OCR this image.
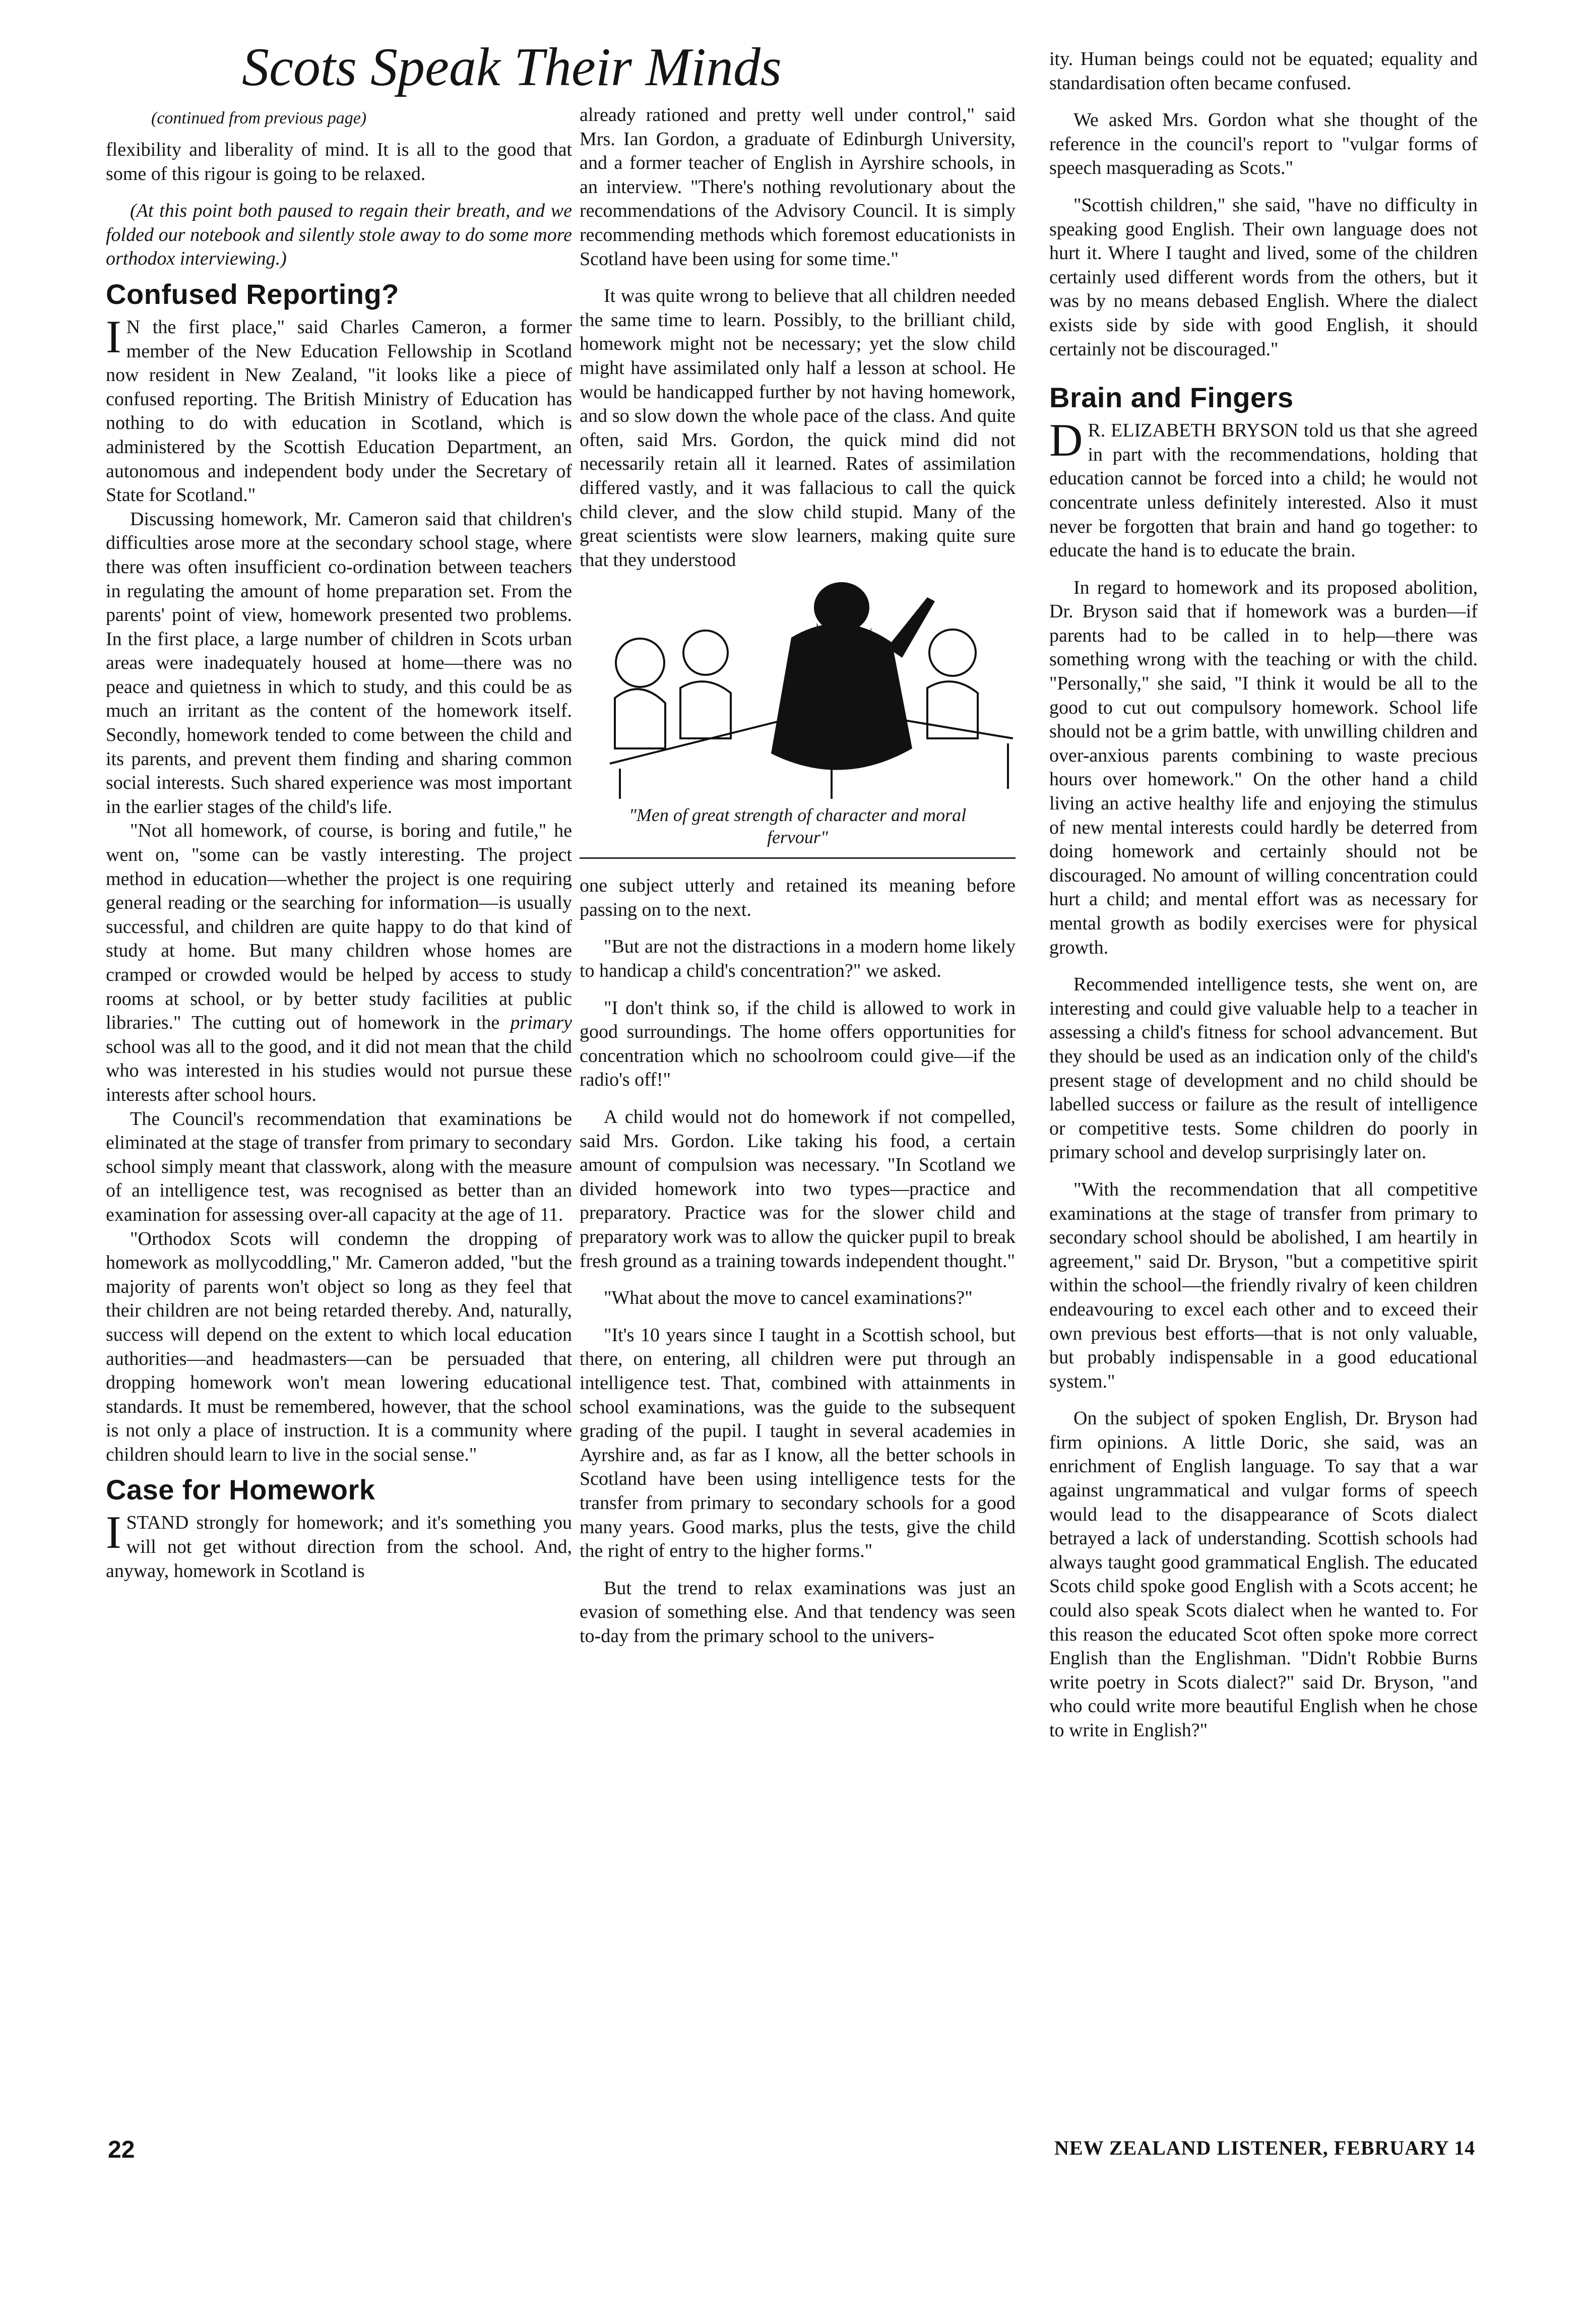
Scots Speak Their Minds
(continued from previous page)

flexibility and liberality of mind. It is all to the good that some of this rigour is going to be relaxed.

(At this point both paused to regain their breath, and we folded our notebook and silently stole away to do some more orthodox interviewing.)

Confused Reporting?

I N the first place," said Charles Cameron, a former member of the New Education Fellowship in Scotland now resident in New Zealand, "it looks like a piece of confused reporting. The British Ministry of Education has nothing to do with education in Scotland, which is administered by the Scottish Education Department, an autonomous and independent body under the Secretary of State for Scotland."

Discussing homework, Mr. Cameron said that children's difficulties arose more at the secondary school stage, where there was often insufficient co-ordination between teachers in regulating the amount of home preparation set. From the parents' point of view, homework presented two problems. In the first place, a large number of children in Scots urban areas were inadequately housed at home—there was no peace and quietness in which to study, and this could be as much an irritant as the content of the homework itself. Secondly, homework tended to come between the child and its parents, and prevent them finding and sharing common social interests. Such shared experience was most important in the earlier stages of the child's life.

"Not all homework, of course, is boring and futile," he went on, "some can be vastly interesting. The project method in education—whether the project is one requiring general reading or the searching for information—is usually successful, and children are quite happy to do that kind of study at home. But many children whose homes are cramped or crowded would be helped by access to study rooms at school, or by better study facilities at public libraries." The cutting out of homework in the primary school was all to the good, and it did not mean that the child who was interested in his studies would not pursue these interests after school hours.

The Council's recommendation that examinations be eliminated at the stage of transfer from primary to secondary school simply meant that classwork, along with the measure of an intelligence test, was recognised as better than an examination for assessing over-all capacity at the age of 11.

"Orthodox Scots will condemn the dropping of homework as mollycoddling," Mr. Cameron added, "but the majority of parents won't object so long as they feel that their children are not being retarded thereby. And, naturally, success will depend on the extent to which local education authorities—and headmasters—can be persuaded that dropping homework won't mean lowering educational standards. It must be remembered, however, that the school is not only a place of instruction. It is a community where children should learn to live in the social sense."

Case for Homework

ISTAND strongly for homework; and it's something you will not get without direction from the school. And, anyway, homework in Scotland is

already rationed and pretty well under control," said Mrs. Ian Gordon, a graduate of Edinburgh University, and a former teacher of English in Ayrshire schools, in an interview. "There's nothing revolutionary about the recommendations of the Advisory Council. It is simply recommending methods which foremost educationists in Scotland have been using for some time."

It was quite wrong to believe that all children needed the same time to learn. Possibly, to the brilliant child, homework might not be necessary; yet the slow child might have assimilated only half a lesson at school. He would be handicapped further by not having homework, and so slow down the whole pace of the class. And quite often, said Mrs. Gordon, the quick mind did not necessarily retain all it learned. Rates of assimilation differed vastly, and it was fallacious to call the quick child clever, and the slow child stupid. Many of the great scientists were slow learners, making quite sure that they understood

"Men of great strength of character and moral fervour"

one subject utterly and retained its meaning before passing on to the next.

"But are not the distractions in a modern home likely to handicap a child's concentration?" we asked.

"I don't think so, if the child is allowed to work in good surroundings. The home offers opportunities for concentration which no schoolroom could give—if the radio's off!"

A child would not do homework if not compelled, said Mrs. Gordon. Like taking his food, a certain amount of compulsion was necessary. "In Scotland we divided homework into two types—practice and preparatory. Practice was for the slower child and preparatory work was to allow the quicker pupil to break fresh ground as a training towards independent thought."

"What about the move to cancel examinations?"

"It's 10 years since I taught in a Scottish school, but there, on entering, all children were put through an intelligence test. That, combined with attainments in school examinations, was the guide to the subsequent grading of the pupil. I taught in several academies in Ayrshire and, as far as I know, all the better schools in Scotland have been using intelligence tests for the transfer from primary to secondary schools for a good many years. Good marks, plus the tests, give the child the right of entry to the higher forms."

But the trend to relax examinations was just an evasion of something else. And that tendency was seen to-day from the primary school to the univers-

ity. Human beings could not be equated; equality and standardisation often became confused.

We asked Mrs. Gordon what she thought of the reference in the council's report to "vulgar forms of speech masquerading as Scots."

"Scottish children," she said, "have no difficulty in speaking good English. Their own language does not hurt it. Where I taught and lived, some of the children certainly used different words from the others, but it was by no means debased English. Where the dialect exists side by side with good English, it should certainly not be discouraged."

Brain and Fingers

D R. ELIZABETH BRYSON told us that she agreed in part with the recommendations, holding that education cannot be forced into a child; he would not concentrate unless definitely interested. Also it must never be forgotten that brain and hand go together: to educate the hand is to educate the brain.

In regard to homework and its proposed abolition, Dr. Bryson said that if homework was a burden—if parents had to be called in to help—there was something wrong with the teaching or with the child. "Personally," she said, "I think it would be all to the good to cut out compulsory homework. School life should not be a grim battle, with unwilling children and over-anxious parents combining to waste precious hours over homework." On the other hand a child living an active healthy life and enjoying the stimulus of new mental interests could hardly be deterred from doing homework and certainly should not be discouraged. No amount of willing concentration could hurt a child; and mental effort was as necessary for mental growth as bodily exercises were for physical growth.

Recommended intelligence tests, she went on, are interesting and could give valuable help to a teacher in assessing a child's fitness for school advancement. But they should be used as an indication only of the child's present stage of development and no child should be labelled success or failure as the result of intelligence or competitive tests. Some children do poorly in primary school and develop surprisingly later on.

"With the recommendation that all competitive examinations at the stage of transfer from primary to secondary school should be abolished, I am heartily in agreement," said Dr. Bryson, "but a competitive spirit within the school—the friendly rivalry of keen children endeavouring to excel each other and to exceed their own previous best efforts—that is not only valuable, but probably indispensable in a good educational system."

On the subject of spoken English, Dr. Bryson had firm opinions. A little Doric, she said, was an enrichment of English language. To say that a war against ungrammatical and vulgar forms of speech would lead to the disappearance of Scots dialect betrayed a lack of understanding. Scottish schools had always taught good grammatical English. The educated Scots child spoke good English with a Scots accent; he could also speak Scots dialect when he wanted to. For this reason the educated Scot often spoke more correct English than the Englishman. "Didn't Robbie Burns write poetry in Scots dialect?" said Dr. Bryson, "and who could write more beautiful English when he chose to write in English?"

22	NEW ZEALAND LISTENER, FEBRUARY 14
